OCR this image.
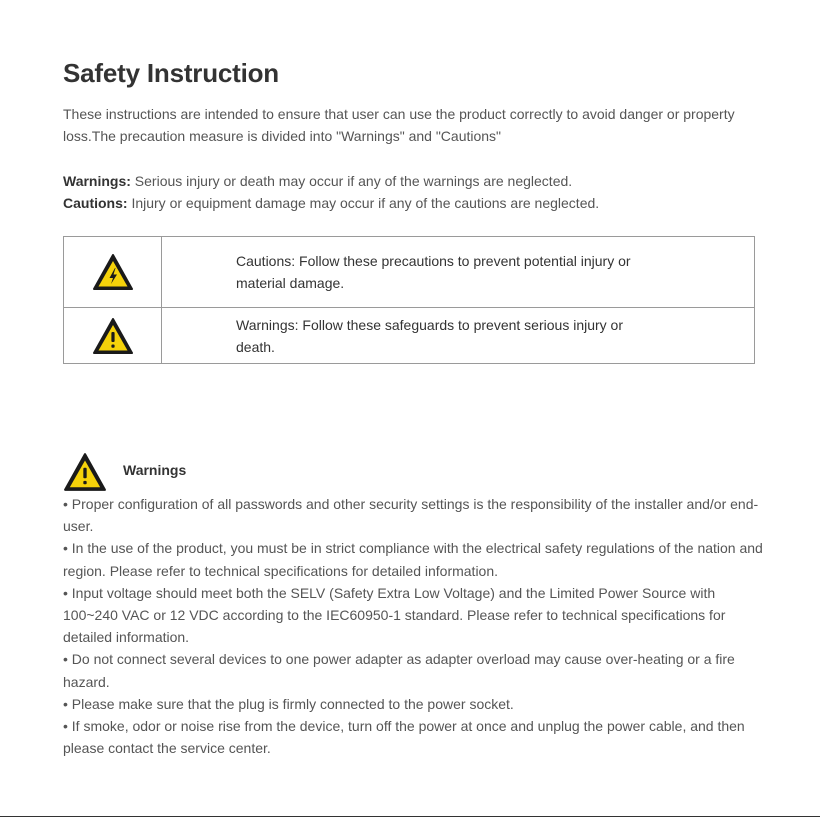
Safety Instruction

These instructions are intended to ensure that user can use the product correctly to avoid danger or property loss.The precaution measure is divided into "Warnings" and "Cautions"

Warnings: Serious injury or death may occur if any of the warnings are neglected.
Cautions: Injury or equipment damage may occur if any of the cautions are neglected.
	Cautions: Follow these precautions to prevent potential injury or material damage.

	Warnings: Follow these safeguards to prevent serious injury or death.
Warnings
• Proper configuration of all passwords and other security settings is the responsibility of the installer and/or end-user.
• In the use of the product, you must be in strict compliance with the electrical safety regulations of the nation and region. Please refer to technical specifications for detailed information.
• Input voltage should meet both the SELV (Safety Extra Low Voltage) and the Limited Power Source with 100~240 VAC or 12 VDC according to the IEC60950-1 standard. Please refer to technical specifications for detailed information.
• Do not connect several devices to one power adapter as adapter overload may cause over-heating or a fire hazard.
• Please make sure that the plug is firmly connected to the power socket.
• If smoke, odor or noise rise from the device, turn off the power at once and unplug the power cable, and then please contact the service center.
